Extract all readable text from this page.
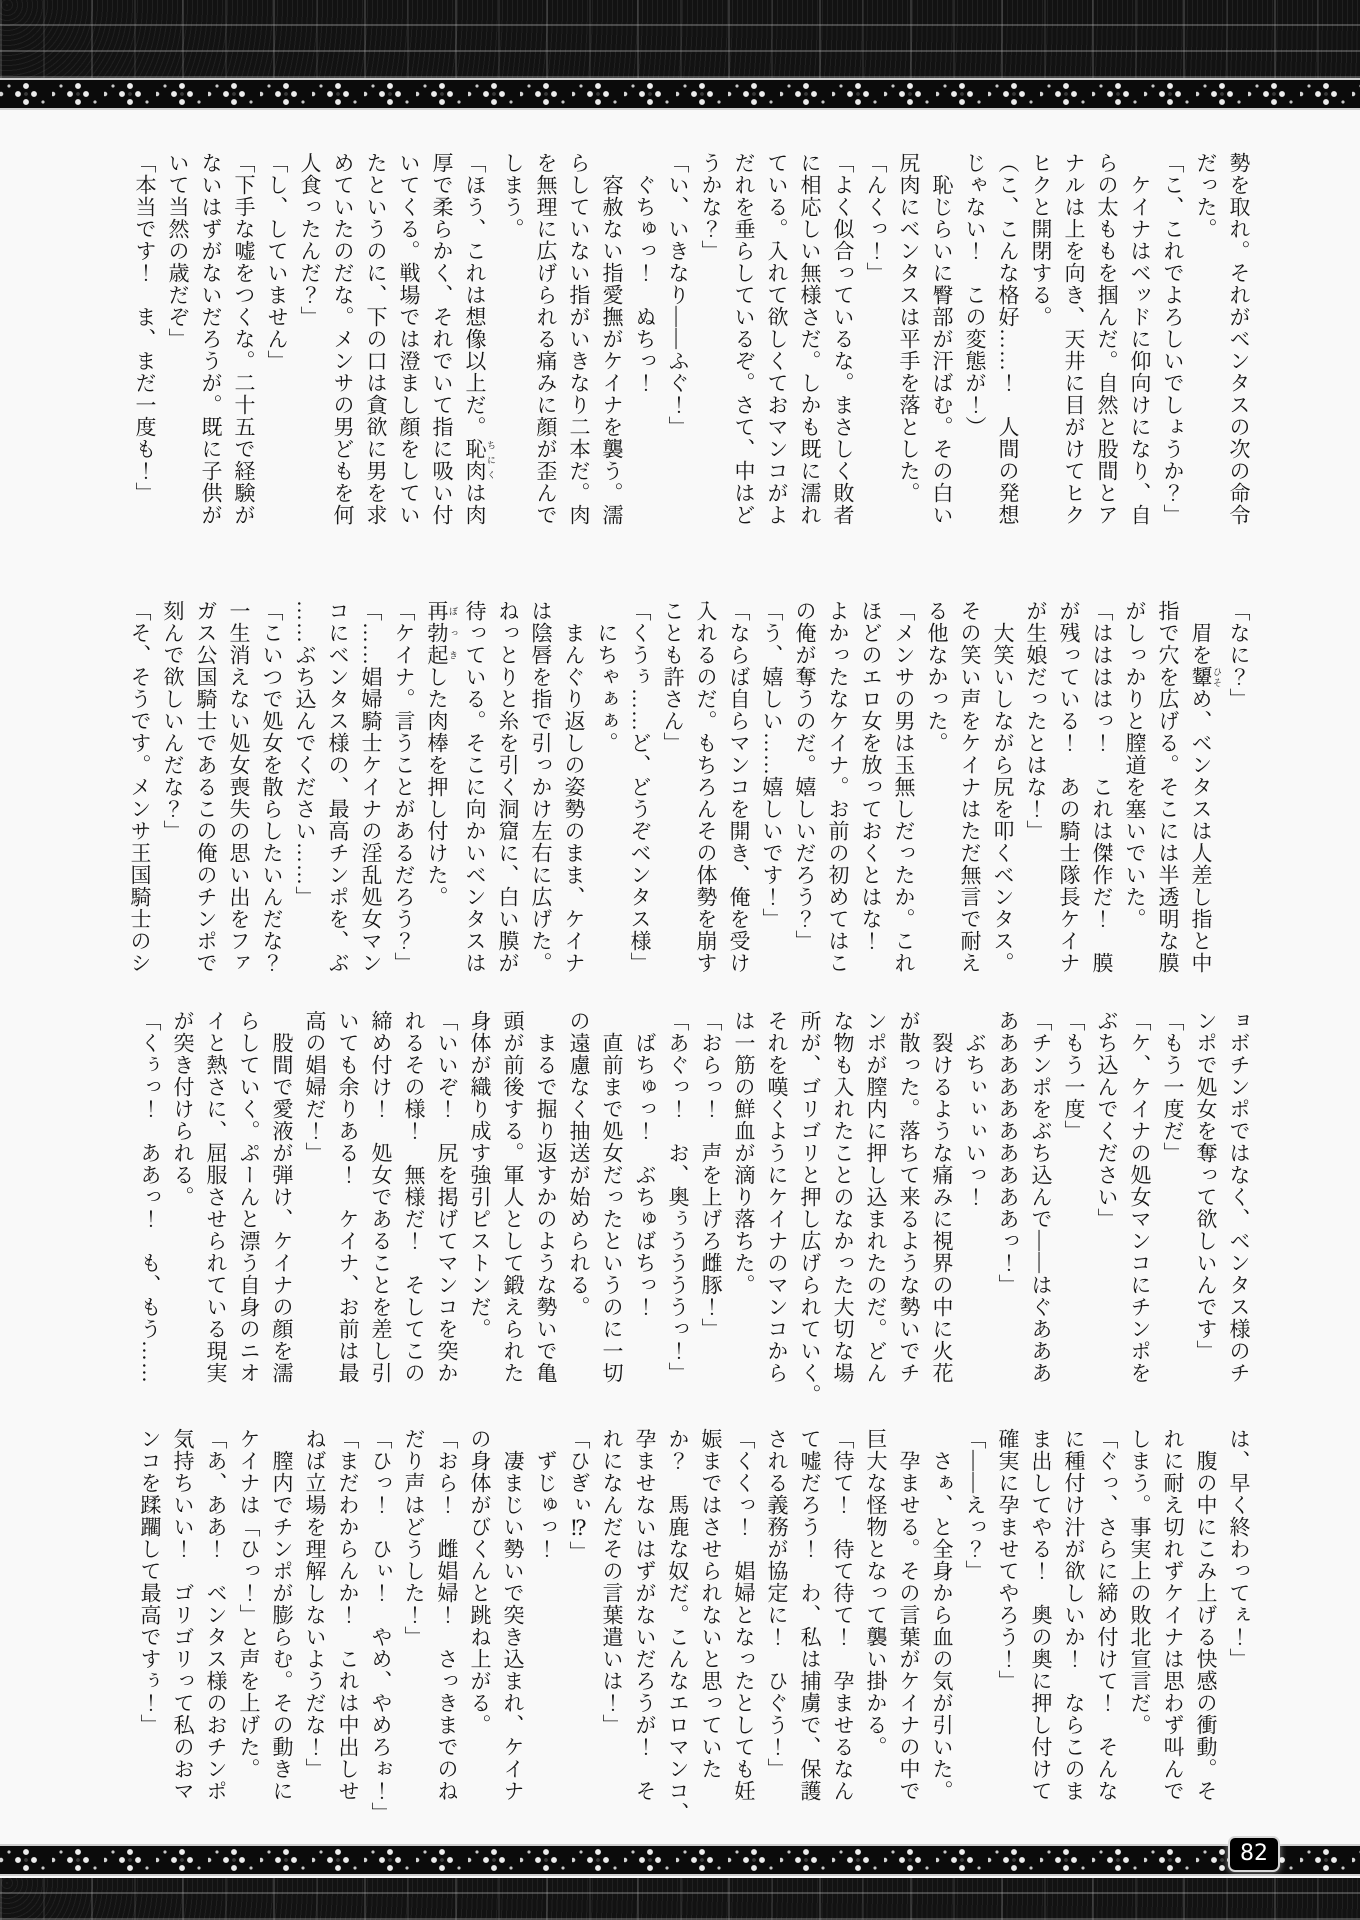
勢を取れ。それがベンタスの次の命令
だった。
「こ、これでよろしいでしょうか？」
　ケイナはベッドに仰向けになり、自
らの太ももを掴んだ。自然と股間とア
ナルは上を向き、天井に目がけてヒク
ヒクと開閉する。
（こ、こんな格好……！　人間の発想
じゃない！　この変態が！）
　恥じらいに臀部が汗ばむ。その白い
尻肉にベンタスは平手を落とした。
「んくっ！」
「よく似合っているな。まさしく敗者
に相応しい無様さだ。しかも既に濡れ
ている。入れて欲しくておマンコがよ
だれを垂らしているぞ。さて、中はど
うかな？」
「い、いきなり——ふぐ！」
　ぐちゅっ！　ぬちっ！
　容赦ない指愛撫がケイナを襲う。濡
らしていない指がいきなり二本だ。肉
を無理に広げられる痛みに顔が歪んで
しまう。
「ほう、これは想像以上だ。恥肉 ちにくは肉
厚で柔らかく、それでいて指に吸い付
いてくる。戦場では澄まし顔をしてい
たというのに、下の口は貪欲に男を求
めていたのだな。メンサの男どもを何
人食ったんだ？」
「し、していません」
「下手な嘘をつくな。二十五で経験が
ないはずがないだろうが。既に子供が
いて当然の歳だぞ」
「本当です！　ま、まだ一度も！」
「なに？」
　眉を顰 ひそめ、ベンタスは人差し指と中
指で穴を広げる。そこには半透明な膜
がしっかりと膣道を塞いでいた。
「ははははっ！　これは傑作だ！　膜
が残っている！　あの騎士隊長ケイナ
が生娘だったとはな！」
　大笑いしながら尻を叩くベンタス。
その笑い声をケイナはただ無言で耐え
る他なかった。
「メンサの男は玉無しだったか。これ
ほどのエロ女を放っておくとはな！
よかったなケイナ。お前の初めてはこ
の俺が奪うのだ。嬉しいだろう？」
「う、嬉しい……嬉しいです！」
「ならば自らマンコを開き、俺を受け
入れるのだ。もちろんその体勢を崩す
ことも許さん」
「くうぅ……ど、どうぞベンタス様」
　にちゃぁぁ。
　まんぐり返しの姿勢のまま、ケイナ
は陰唇を指で引っかけ左右に広げた。
ねっとりと糸を引く洞窟に、白い膜が
待っている。そこに向かいベンタスは
再勃起 ぼっきした肉棒を押し付けた。
「ケイナ。言うことがあるだろう？」
「……娼婦騎士ケイナの淫乱処女マン
コにベンタス様の、最高チンポを、ぶ
……ぶち込んでください……」
「こいつで処女を散らしたいんだな？
一生消えない処女喪失の思い出をファ
ガス公国騎士であるこの俺のチンポで
刻んで欲しいんだな？」
「そ、そうです。メンサ王国騎士のシ
ョボチンポではなく、ベンタス様のチ
ンポで処女を奪って欲しいんです」
「もう一度だ」
「ケ、ケイナの処女マンコにチンポを
ぶち込んでください」
「もう一度」
「チンポをぶち込んで——はぐあああ
ああああああああああっ！」
　ぶちぃぃぃいっ！
　裂けるような痛みに視界の中に火花
が散った。落ちて来るような勢いでチ
ンポが膣内に押し込まれたのだ。どん
な物も入れたことのなかった大切な場
所が、ゴリゴリと押し広げられていく。
それを嘆くようにケイナのマンコから
は一筋の鮮血が滴り落ちた。
「おらっ！　声を上げろ雌豚！」
「あぐっ！　お、奥ぅううううっ！」
　ばちゅっ！　ぶちゅばちっ！
　直前まで処女だったというのに一切
の遠慮なく抽送が始められる。
　まるで掘り返すかのような勢いで亀
頭が前後する。軍人として鍛えられた
身体が織り成す強引ピストンだ。
「いいぞ！　尻を掲げてマンコを突か
れるその様！　無様だ！　そしてこの
締め付け！　処女であることを差し引
いても余りある！　ケイナ、お前は最
高の娼婦だ！」
　股間で愛液が弾け、ケイナの顔を濡
らしていく。ぷーんと漂う自身のニオ
イと熱さに、屈服させられている現実
が突き付けられる。
「くぅっ！　ああっ！　も、もう……
は、早く終わってぇ！」
　腹の中にこみ上げる快感の衝動。そ
れに耐え切れずケイナは思わず叫んで
しまう。事実上の敗北宣言だ。
「ぐっ、さらに締め付けて！　そんな
に種付け汁が欲しいか！　ならこのま
ま出してやる！　奥の奥に押し付けて
確実に孕ませてやろう！」
「——えっ？」
　さぁ、と全身から血の気が引いた。
　孕ませる。その言葉がケイナの中で
巨大な怪物となって襲い掛かる。
「待て！　待て待て！　孕ませるなん
て嘘だろう！　わ、私は捕虜で、保護
される義務が協定に！　ひぐう！」
「くくっ！　娼婦となったとしても妊
娠まではさせられないと思っていた
か？　馬鹿な奴だ。こんなエロマンコ、
孕ませないはずがないだろうが！　そ
れになんだその言葉遣いは！」
「ひぎぃ⁉」
　ずじゅっ！
　凄まじい勢いで突き込まれ、ケイナ
の身体がびくんと跳ね上がる。
「おら！　雌娼婦！　さっきまでのね
だり声はどうした！」
「ひっ！　ひぃ！　やめ、やめろぉ！」
「まだわからんか！　これは中出しせ
ねば立場を理解しないようだな！」
　膣内でチンポが膨らむ。その動きに
ケイナは「ひっ！」と声を上げた。
「あ、ああ！　ベンタス様のおチンポ
気持ちいい！　ゴリゴリって私のおマ
ンコを蹂躙して最高ですぅ！」
82
